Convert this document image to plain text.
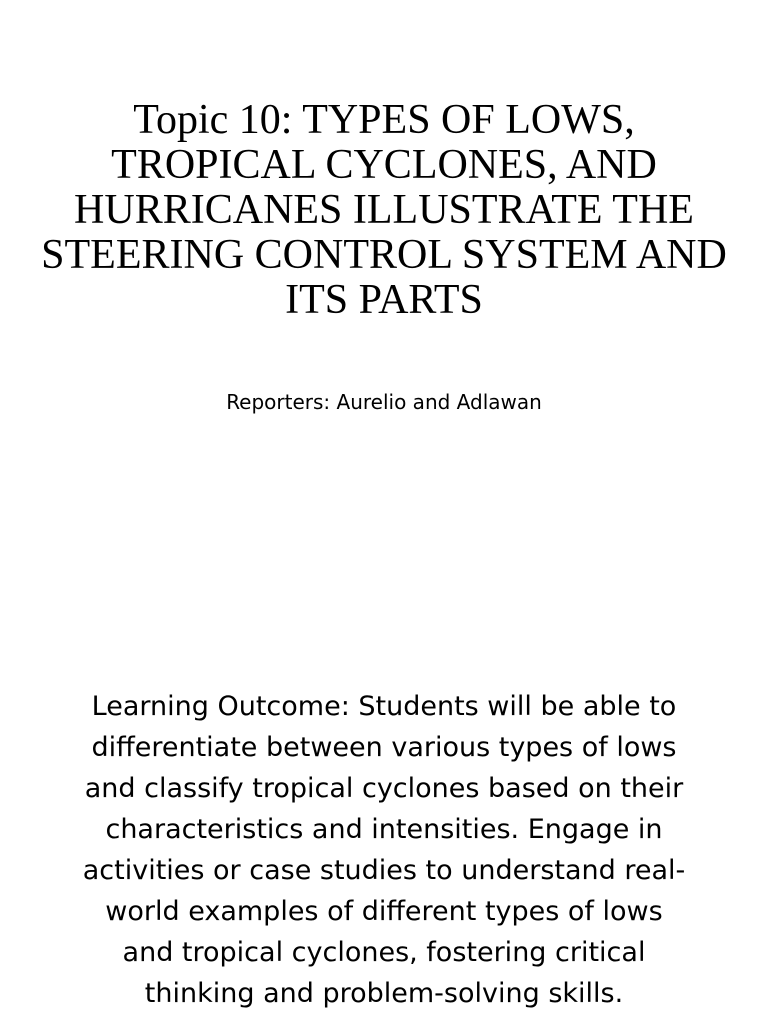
Topic 10: TYPES OF LOWS,
TROPICAL CYCLONES, AND
HURRICANES ILLUSTRATE THE
STEERING CONTROL SYSTEM AND
ITS PARTS

Reporters: Aurelio and Adlawan

Learning Outcome: Students will be able to
differentiate between various types of lows
and classify tropical cyclones based on their
characteristics and intensities. Engage in
activities or case studies to understand real-
world examples of different types of lows
and tropical cyclones, fostering critical
thinking and problem-solving skills.
